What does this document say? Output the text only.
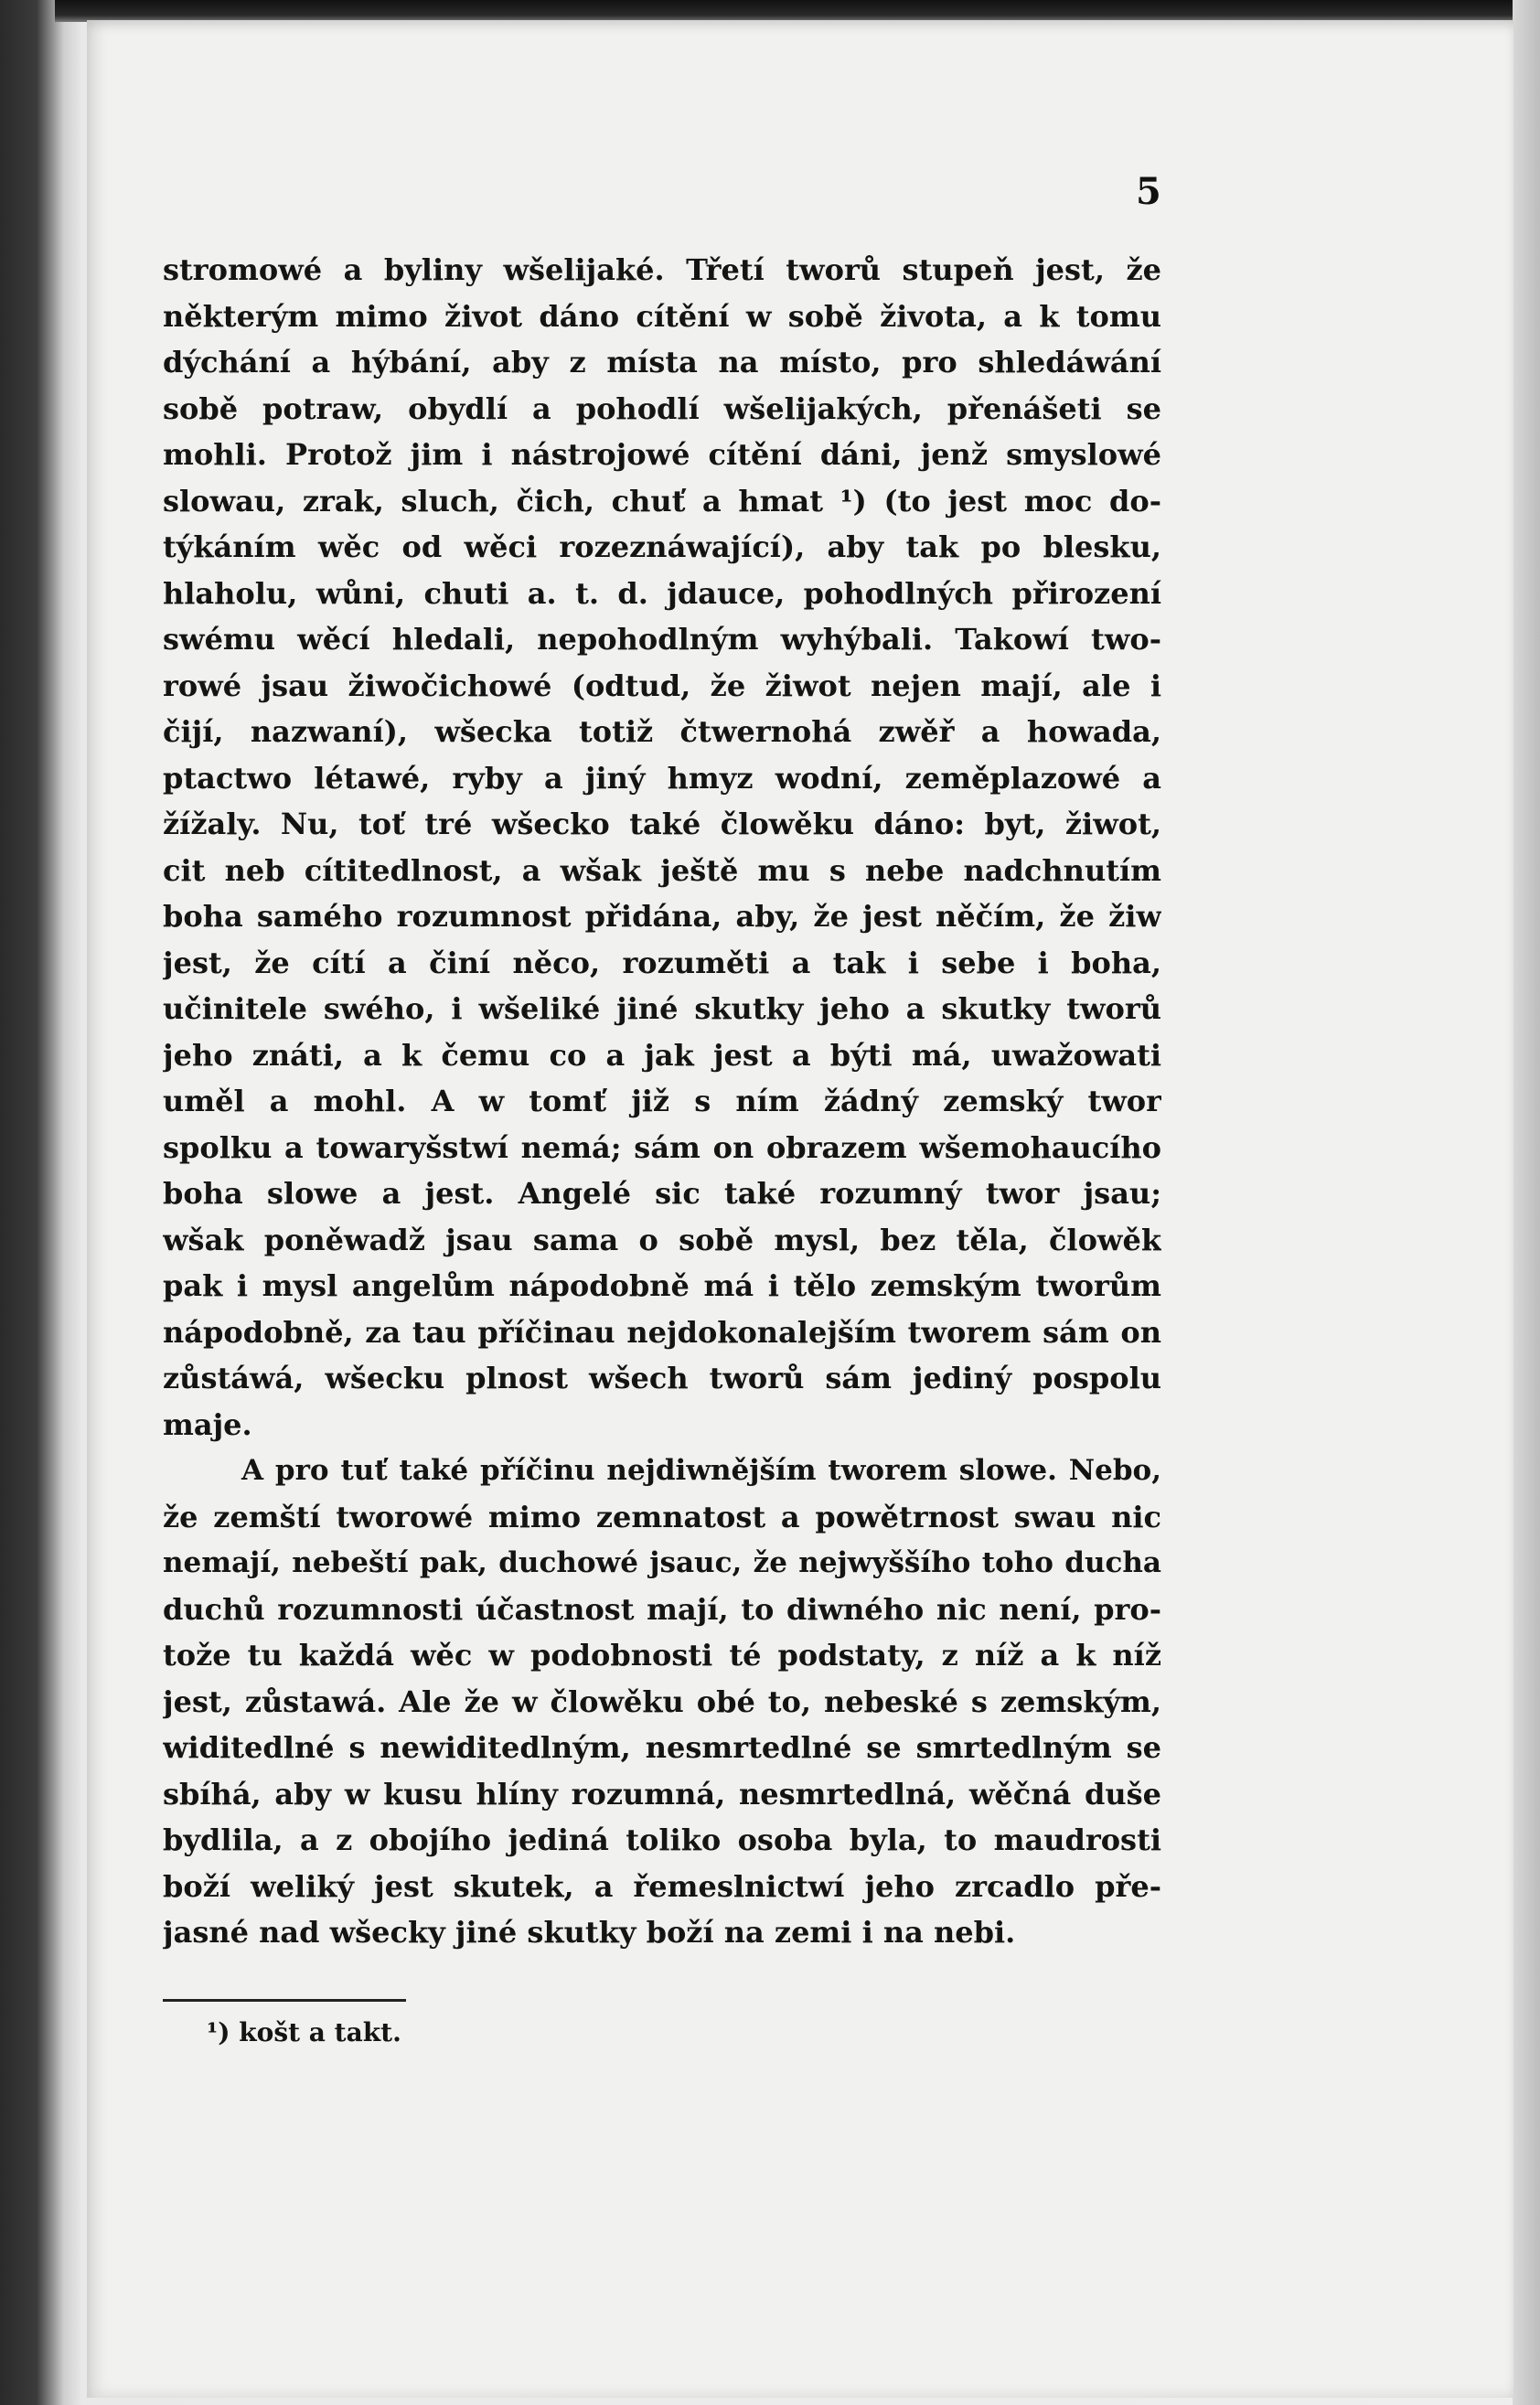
5
stromowé a byliny wšelijaké. Třetí tworů stupeň jest, že
některým mimo život dáno cítění w sobě života, a k tomu
dýchání a hýbání, aby z místa na místo, pro shledáwání
sobě potraw, obydlí a pohodlí wšelijakých, přenášeti se
mohli. Protož jim i nástrojowé cítění dáni, jenž smyslowé
slowau, zrak, sluch, čich, chuť a hmat ¹) (to jest moc do-
týkáním wěc od wěci rozeznáwající), aby tak po blesku,
hlaholu, wůni, chuti a. t. d. jdauce, pohodlných přirození
swému wěcí hledali, nepohodlným wyhýbali. Takowí two-
rowé jsau žiwočichowé (odtud, že žiwot nejen mají, ale i
čijí, nazwaní), wšecka totiž čtwernohá zwěř a howada,
ptactwo létawé, ryby a jiný hmyz wodní, zeměplazowé a
žížaly. Nu, toť tré wšecko také člowěku dáno: byt, žiwot,
cit neb cítitedlnost, a wšak ještě mu s nebe nadchnutím
boha samého rozumnost přidána, aby, že jest něčím, že žiw
jest, že cítí a činí něco, rozuměti a tak i sebe i boha,
učinitele swého, i wšeliké jiné skutky jeho a skutky tworů
jeho znáti, a k čemu co a jak jest a býti má, uwažowati
uměl a mohl. A w tomť již s ním žádný zemský twor
spolku a towaryšstwí nemá; sám on obrazem wšemohaucího
boha slowe a jest. Angelé sic také rozumný twor jsau;
wšak poněwadž jsau sama o sobě mysl, bez těla, člowěk
pak i mysl angelům nápodobně má i tělo zemským tworům
nápodobně, za tau příčinau nejdokonalejším tworem sám on
zůstáwá, wšecku plnost wšech tworů sám jediný pospolu
maje.
A pro tuť také příčinu nejdiwnějším tworem slowe. Nebo,
že zemští tworowé mimo zemnatost a powětrnost swau nic
nemají, nebeští pak, duchowé jsauc, že nejwyššího toho ducha
duchů rozumnosti účastnost mají, to diwného nic není, pro-
tože tu každá wěc w podobnosti té podstaty, z níž a k níž
jest, zůstawá. Ale že w člowěku obé to, nebeské s zemským,
widitedlné s newiditedlným, nesmrtedlné se smrtedlným se
sbíhá, aby w kusu hlíny rozumná, nesmrtedlná, wěčná duše
bydlila, a z obojího jediná toliko osoba byla, to maudrosti
boží weliký jest skutek, a řemeslnictwí jeho zrcadlo pře-
jasné nad wšecky jiné skutky boží na zemi i na nebi.
¹) košt a takt.
